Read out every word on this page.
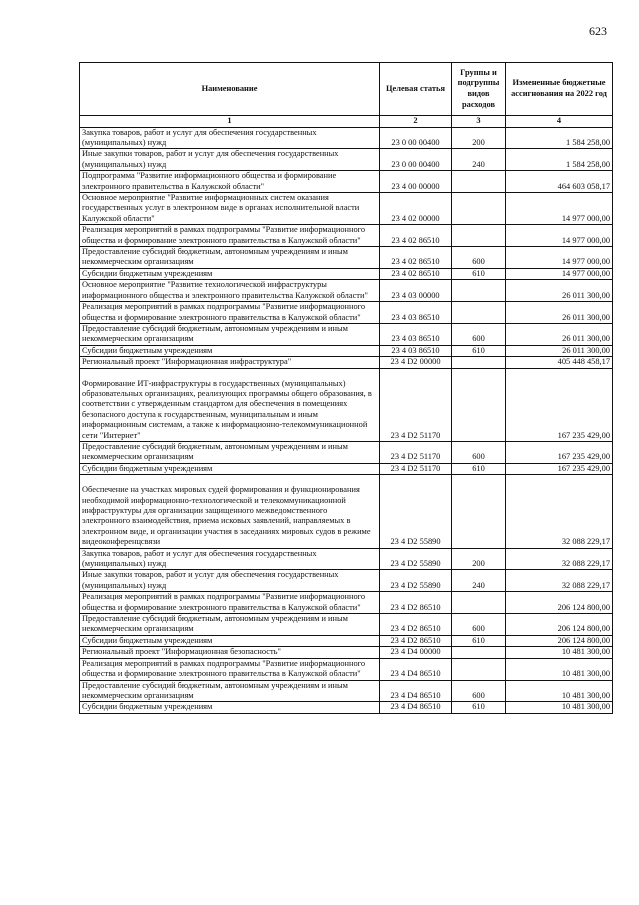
623
Наименование	Целевая статья	Группы и подгруппы видов расходов	Измененные бюджетные ассигнования на 2022 год
1	2	3	4
Закупка товаров, работ и услуг для обеспечения государственных (муниципальных) нужд	23 0 00 00400	200	1 584 258,00
Иные закупки товаров, работ и услуг для обеспечения государственных (муниципальных) нужд	23 0 00 00400	240	1 584 258,00
Подпрограмма "Развитие информационного общества и формирование электронного правительства в Калужской области"	23 4 00 00000		464 603 058,17
Основное мероприятие "Развитие информационных систем оказания государственных услуг в электронном виде в органах исполнительной власти Калужской области"	23 4 02 00000		14 977 000,00
Реализация мероприятий в рамках подпрограммы "Развитие информационного общества и формирование электронного правительства в Калужской области"	23 4 02 86510		14 977 000,00
Предоставление субсидий бюджетным, автономным учреждениям и иным некоммерческим организациям	23 4 02 86510	600	14 977 000,00
Субсидии бюджетным учреждениям	23 4 02 86510	610	14 977 000,00
Основное мероприятие "Развитие технологической инфраструктуры информационного общества и электронного правительства Калужской области"	23 4 03 00000		26 011 300,00
Реализация мероприятий в рамках подпрограммы "Развитие информационного общества и формирование электронного правительства в Калужской области"	23 4 03 86510		26 011 300,00
Предоставление субсидий бюджетным, автономным учреждениям и иным некоммерческим организациям	23 4 03 86510	600	26 011 300,00
Субсидии бюджетным учреждениям	23 4 03 86510	610	26 011 300,00
Региональный проект "Информационная инфраструктура"	23 4 D2 00000		405 448 458,17

Формирование ИТ-инфраструктуры в государственных (муниципальных) образовательных организациях, реализующих программы общего образования, в соответствии с утвержденным стандартом для обеспечения в помещениях безопасного доступа к государственным, муниципальным и иным информационным системам, а также к информационно-телекоммуникационной сети "Интернет"	23 4 D2 51170		167 235 429,00
Предоставление субсидий бюджетным, автономным учреждениям и иным некоммерческим организациям	23 4 D2 51170	600	167 235 429,00
Субсидии бюджетным учреждениям	23 4 D2 51170	610	167 235 429,00

Обеспечение на участках мировых судей формирования и функционирования необходимой информационно-технологической и телекоммуникационной инфраструктуры для организации защищенного межведомственного электронного взаимодействия, приема исковых заявлений, направляемых в электронном виде, и организации участия в заседаниях мировых судов в режиме видеоконференцсвязи	23 4 D2 55890		32 088 229,17
Закупка товаров, работ и услуг для обеспечения государственных (муниципальных) нужд	23 4 D2 55890	200	32 088 229,17
Иные закупки товаров, работ и услуг для обеспечения государственных (муниципальных) нужд	23 4 D2 55890	240	32 088 229,17
Реализация мероприятий в рамках подпрограммы "Развитие информационного общества и формирование электронного правительства в Калужской области"	23 4 D2 86510		206 124 800,00
Предоставление субсидий бюджетным, автономным учреждениям и иным некоммерческим организациям	23 4 D2 86510	600	206 124 800,00
Субсидии бюджетным учреждениям	23 4 D2 86510	610	206 124 800,00
Региональный проект "Информационная безопасность"	23 4 D4 00000		10 481 300,00
Реализация мероприятий в рамках подпрограммы "Развитие информационного общества и формирование электронного правительства в Калужской области"	23 4 D4 86510		10 481 300,00
Предоставление субсидий бюджетным, автономным учреждениям и иным некоммерческим организациям	23 4 D4 86510	600	10 481 300,00
Субсидии бюджетным учреждениям	23 4 D4 86510	610	10 481 300,00
